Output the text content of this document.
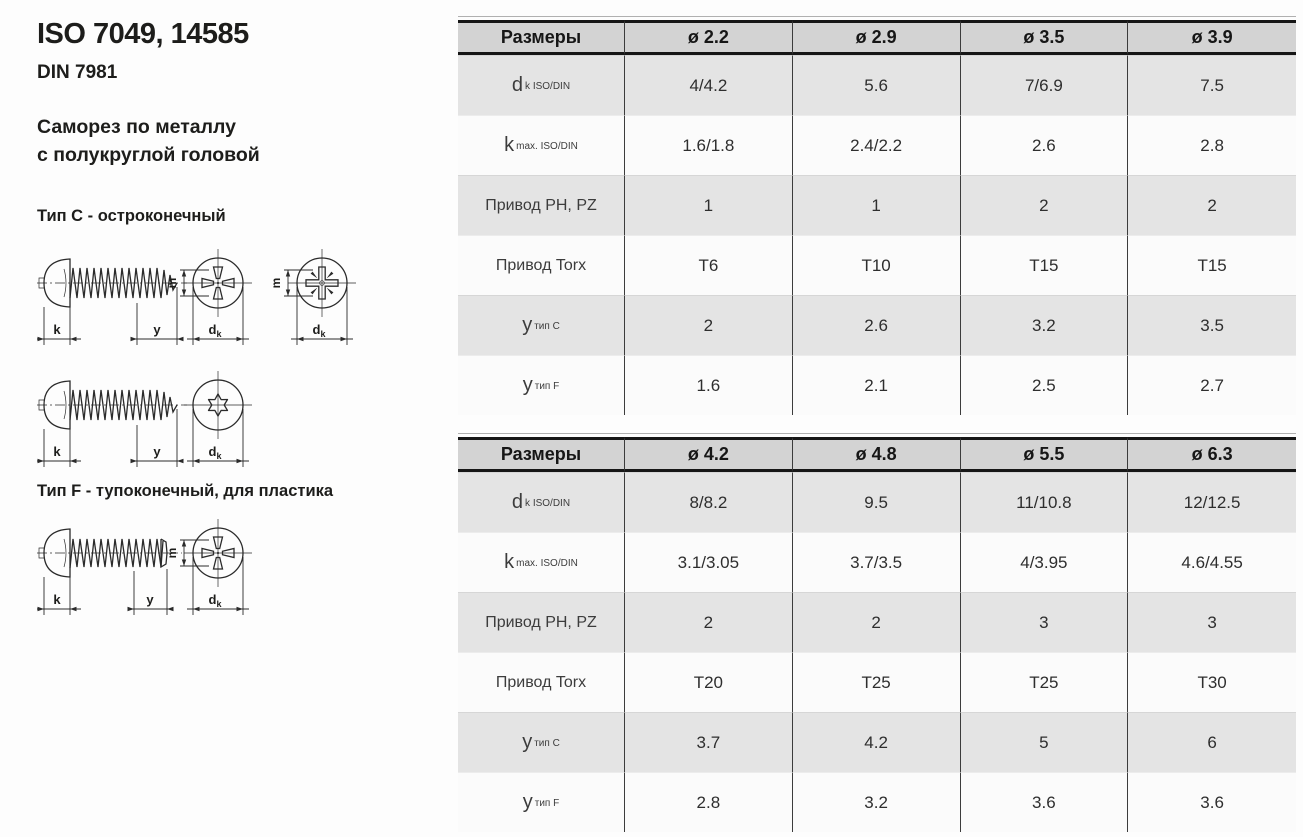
ISO 7049, 14585
DIN 7981
Саморез по металлу
с полукруглой головой
Тип C - остроконечный
Тип F - тупоконечный, для пластика
k	y
m
$d_k$
m
$d_k$
k	y	$d_k$
k	y
m
$d_k$
Размеры	ø 2.2	ø 2.9	ø 3.5	ø 3.9
$d_{k ISO/DIN}$	4/4.2	5.6	7/6.9	7.5
$k_{max. ISO/DIN}$	1.6/1.8	2.4/2.2	2.6	2.8
Привод PH, PZ	1	1	2	2
Привод Torx	T6	T10	T15	T15
$у_{тип C}$	2	2.6	3.2	3.5
$у_{тип F}$	1.6	2.1	2.5	2.7
Размеры	ø 4.2	ø 4.8	ø 5.5	ø 6.3
$d_{k ISO/DIN}$	8/8.2	9.5	11/10.8	12/12.5
$k_{max. ISO/DIN}$	3.1/3.05	3.7/3.5	4/3.95	4.6/4.55
Привод PH, PZ	2	2	3	3
Привод Torx	T20	T25	T25	T30
$у_{тип C}$	3.7	4.2	5	6
$у_{тип F}$	2.8	3.2	3.6	3.6
